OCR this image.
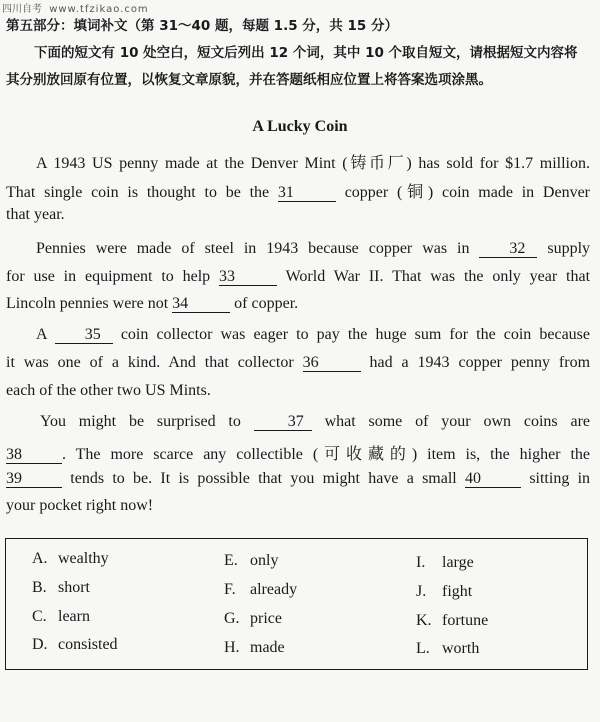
四川自考 www.tfzikao.com
第五部分：填词补文（第 31～40 题，每题 1.5 分，共 15 分）
下面的短文有 10 处空白，短文后列出 12 个词，其中 10 个取自短文，请根据短文内容将其分别放回原有位置，以恢复文章原貌，并在答题纸相应位置上将答案选项涂黑。
A Lucky Coin
A 1943 US penny made at the Denver Mint (铸币厂) has sold for $1.7 million.
That single coin is thought to be the 31	copper (铜) coin made in Denver
that year.
Pennies were made of steel in 1943 because copper was in 32 supply
for use in equipment to help 33	World War II. That was the only year that
Lincoln pennies were not 34	of copper.
A 35 coin collector was eager to pay the huge sum for the coin because
it was one of a kind. And that collector 36	had a 1943 copper penny from
each of the other two US Mints.
You might be surprised to	37 what some of your own coins are
38	. The more scarce any collectible (可收藏的) item is, the higher the
39	tends to be. It is possible that you might have a small 40	sitting in
your pocket right now!
A. wealthy
B. short
C. learn
D. consisted
E. only
F. already
G. price
H. made
I. large
J. fight
K. fortune
L. worth
